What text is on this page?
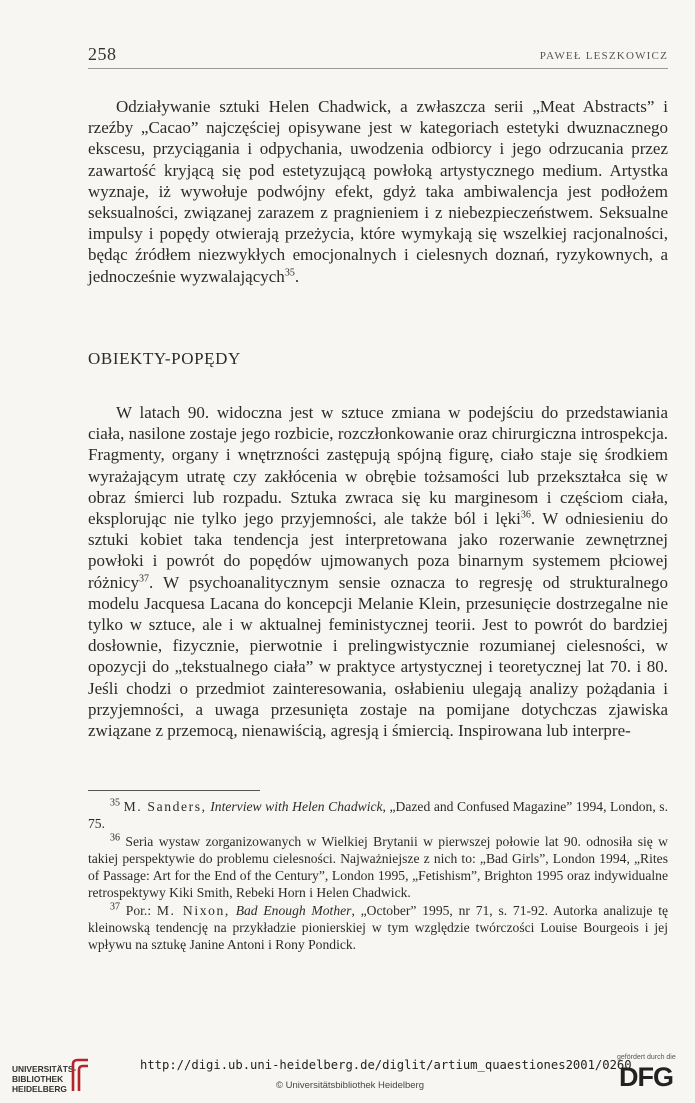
258	PAWEŁ LESZKOWICZ

Odziaływanie sztuki Helen Chadwick, a zwłaszcza serii „Meat Abstracts” i rzeźby „Cacao” najczęściej opisywane jest w kategoriach estetyki dwuznacznego ekscesu, przyciągania i odpychania, uwodzenia odbiorcy i jego odrzucania przez zawartość kryjącą się pod estetyzującą powłoką artystycznego medium. Artystka wyznaje, iż wywołuje podwójny efekt, gdyż taka ambiwalencja jest podłożem seksualności, związanej zarazem z pragnieniem i z niebezpieczeństwem. Seksualne impulsy i popędy otwierają przeżycia, które wymykają się wszelkiej racjonalności, będąc źródłem niezwykłych emocjonalnych i cielesnych doznań, ryzykownych, a jednocześnie wyzwalających$^{35}$.

OBIEKTY-POPĘDY

W latach 90. widoczna jest w sztuce zmiana w podejściu do przedstawiania ciała, nasilone zostaje jego rozbicie, rozczłonkowanie oraz chirurgiczna introspekcja. Fragmenty, organy i wnętrzności zastępują spójną figurę, ciało staje się środkiem wyrażającym utratę czy zakłócenia w obrębie tożsamości lub przekształca się w obraz śmierci lub rozpadu. Sztuka zwraca się ku marginesom i częściom ciała, eksplorując nie tylko jego przyjemności, ale także ból i lęki$^{36}$. W odniesieniu do sztuki kobiet taka tendencja jest interpretowana jako rozerwanie zewnętrznej powłoki i powrót do popędów ujmowanych poza binarnym systemem płciowej różnicy$^{37}$. W psychoanalitycznym sensie oznacza to regresję od strukturalnego modelu Jacquesa Lacana do koncepcji Melanie Klein, przesunięcie dostrzegalne nie tylko w sztuce, ale i w aktualnej feministycznej teorii. Jest to powrót do bardziej dosłownie, fizycznie, pierwotnie i prelingwistycznie rozumianej cielesności, w opozycji do „tekstualnego ciała” w praktyce artystycznej i teoretycznej lat 70. i 80. Jeśli chodzi o przedmiot zainteresowania, osłabieniu ulegają analizy pożądania i przyjemności, a uwaga przesunięta zostaje na pomijane dotychczas zjawiska związane z przemocą, nienawiścią, agresją i śmiercią. Inspirowana lub interpre-

$^{35}$ M. Sanders, Interview with Helen Chadwick, „Dazed and Confused Magazine” 1994, London, s. 75.

$^{36}$ Seria wystaw zorganizowanych w Wielkiej Brytanii w pierwszej połowie lat 90. odnosiła się w takiej perspektywie do problemu cielesności. Najważniejsze z nich to: „Bad Girls”, London 1994, „Rites of Passage: Art for the End of the Century”, London 1995, „Fetishism”, Brighton 1995 oraz indywidualne retrospektywy Kiki Smith, Rebeki Horn i Helen Chadwick.

$^{37}$ Por.: M. Nixon, Bad Enough Mother, „October” 1995, nr 71, s. 71-92. Autorka analizuje tę kleinowską tendencję na przykładzie pionierskiej w tym względzie twórczości Louise Bourgeois i jej wpływu na sztukę Janine Antoni i Rony Pondick.

UNIVERSITÄTS-
BIBLIOTHEK
HEIDELBERG
http://digi.ub.uni-heidelberg.de/diglit/artium_quaestiones2001/0260
© Universitätsbibliothek Heidelberg
gefördert durch die
DFG
